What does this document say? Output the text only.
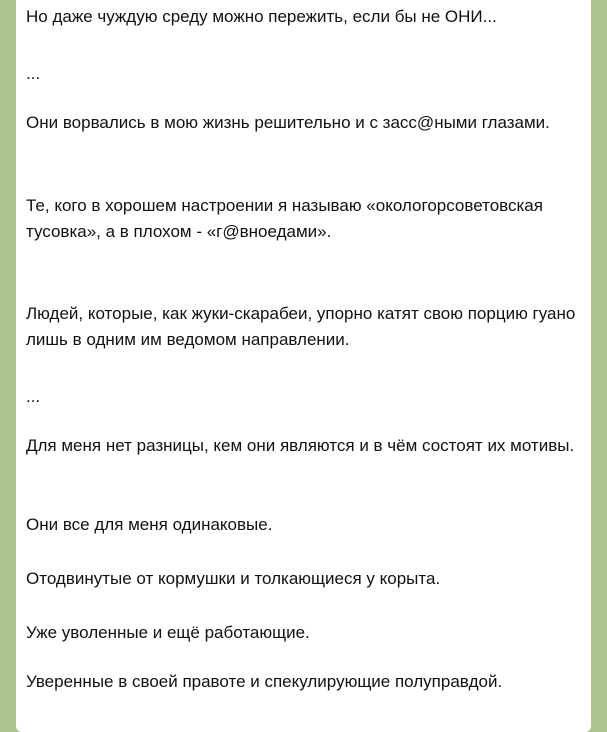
Но даже чуждую среду можно пережить, если бы не ОНИ...

...

Они ворвались в мою жизнь решительно и с засс@ными глазами.

Те, кого в хорошем настроении я называю «окологорсоветовская тусовка», а в плохом - «г@вноедами».

Людей, которые, как жуки-скарабеи, упорно катят свою порцию гуано лишь в одним им ведомом направлении.

...

Для меня нет разницы, кем они являются и в чём состоят их мотивы.

Они все для меня одинаковые.

Отодвинутые от кормушки и толкающиеся у корыта.

Уже уволенные и ещё работающие.

Уверенные в своей правоте и спекулирующие полуправдой.
